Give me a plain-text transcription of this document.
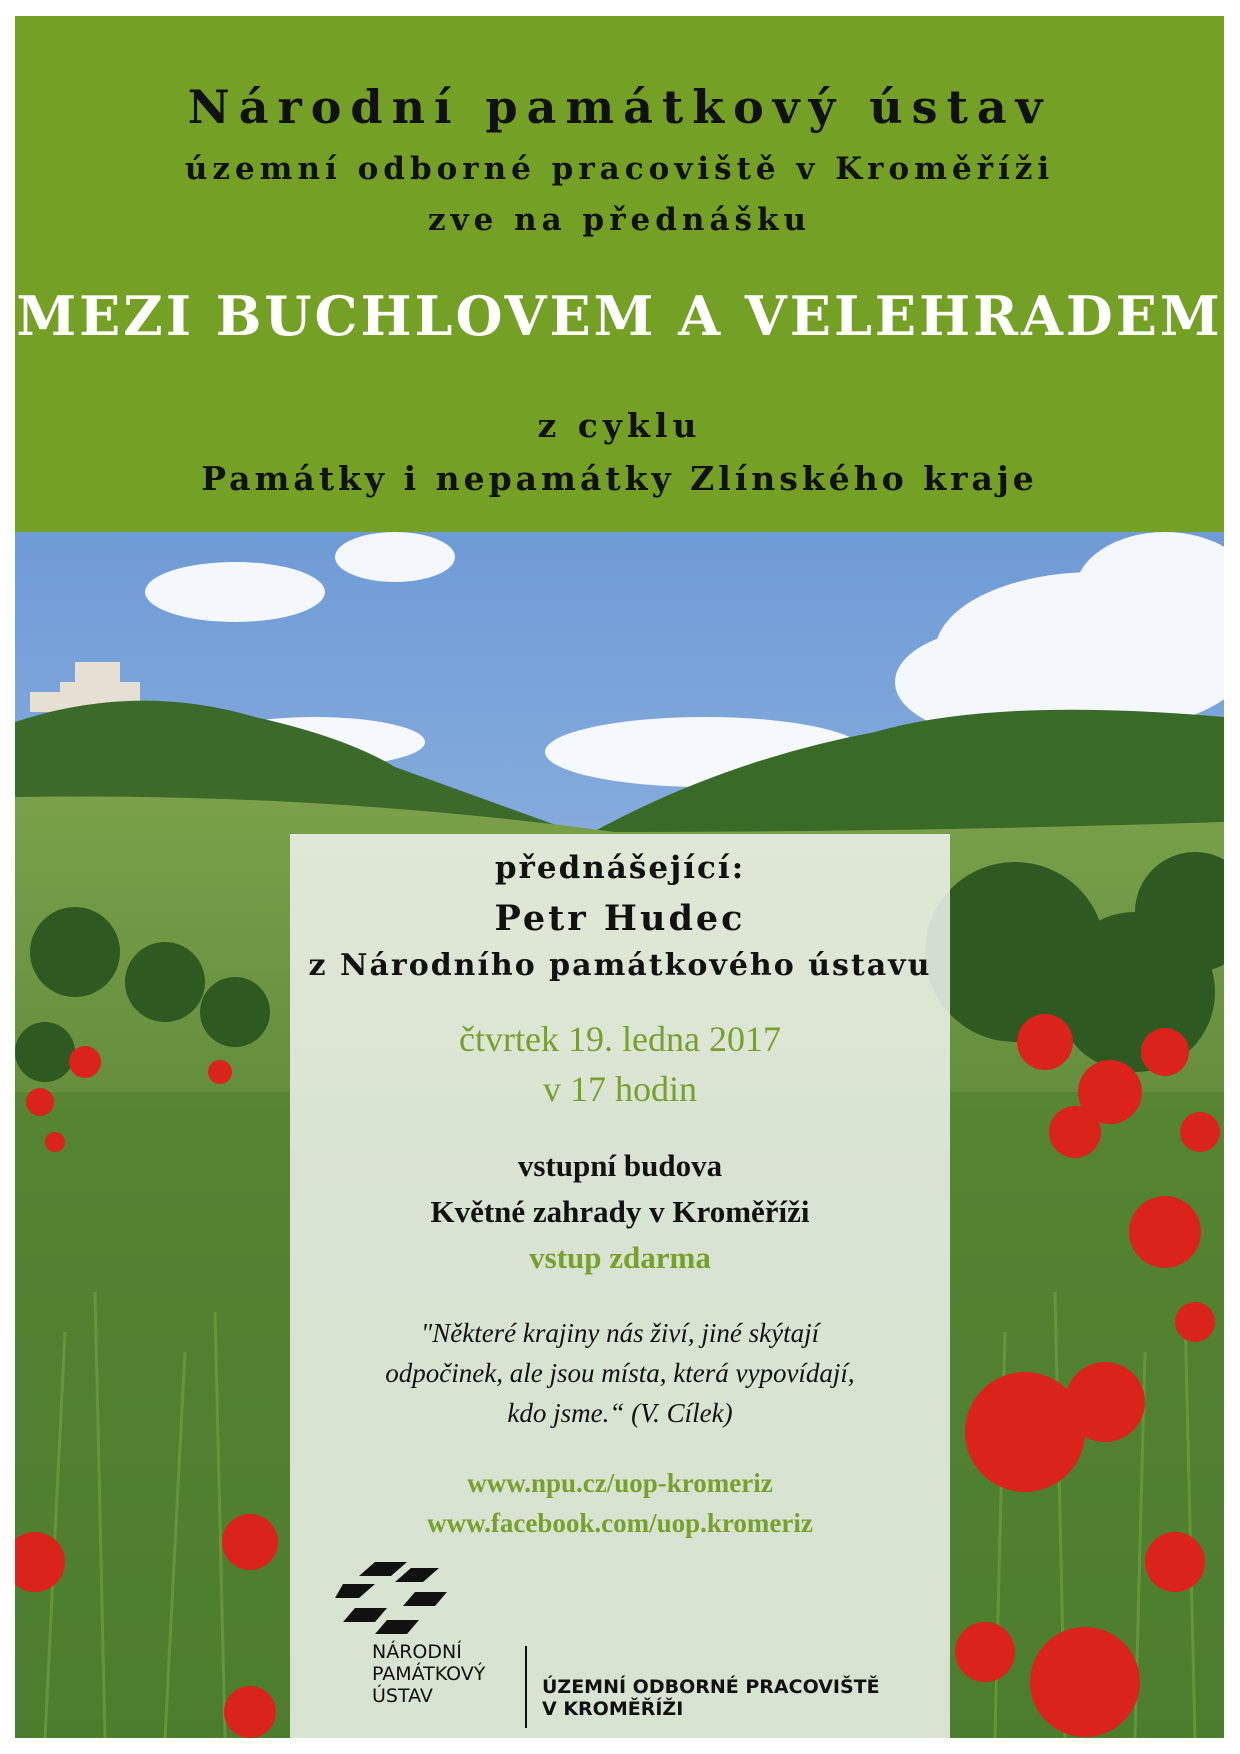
Národní památkový ústav
územní odborné pracoviště v Kroměříži
zve na přednášku
MEZI BUCHLOVEM A VELEHRADEM
z cyklu
Památky i nepamátky Zlínského kraje
přednášející:
Petr Hudec
z Národního památkového ústavu
čtvrtek 19. ledna 2017
v 17 hodin
vstupní budova
Květné zahrady v Kroměříži
vstup zdarma
"Některé krajiny nás živí, jiné skýtají
odpočinek, ale jsou místa, která vypovídají,
kdo jsme.“ (V. Cílek)
www.npu.cz/uop-kromeriz
www.facebook.com/uop.kromeriz
NÁRODNÍ
PAMÁTKOVÝ
ÚSTAV	ÚZEMNÍ ODBORNÉ PRACOVIŠTĚ
V KROMĚŘÍŽI
